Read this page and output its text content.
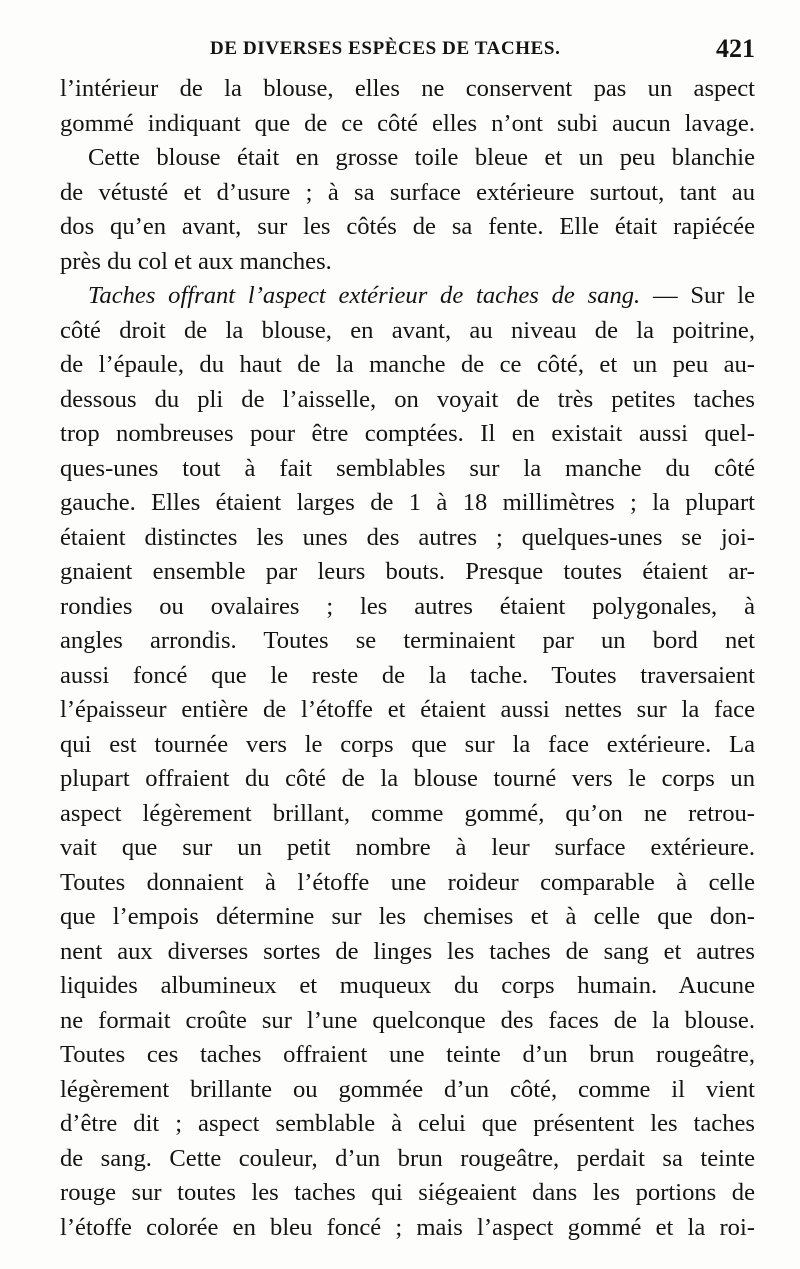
DE DIVERSES ESPÈCES DE TACHES.	421
l’intérieur de la blouse, elles ne conservent pas un aspect
gommé indiquant que de ce côté elles n’ont subi aucun lavage.
Cette blouse était en grosse toile bleue et un peu blanchie
de vétusté et d’usure ; à sa surface extérieure surtout, tant au
dos qu’en avant, sur les côtés de sa fente. Elle était rapiécée
près du col et aux manches.
Taches offrant l’aspect extérieur de taches de sang. — Sur le
côté droit de la blouse, en avant, au niveau de la poitrine,
de l’épaule, du haut de la manche de ce côté, et un peu au-
dessous du pli de l’aisselle, on voyait de très petites taches
trop nombreuses pour être comptées. Il en existait aussi quel-
ques-unes tout à fait semblables sur la manche du côté
gauche. Elles étaient larges de 1 à 18 millimètres ; la plupart
étaient distinctes les unes des autres ; quelques-unes se joi-
gnaient ensemble par leurs bouts. Presque toutes étaient ar-
rondies ou ovalaires ; les autres étaient polygonales, à
angles arrondis. Toutes se terminaient par un bord net
aussi foncé que le reste de la tache. Toutes traversaient
l’épaisseur entière de l’étoffe et étaient aussi nettes sur la face
qui est tournée vers le corps que sur la face extérieure. La
plupart offraient du côté de la blouse tourné vers le corps un
aspect légèrement brillant, comme gommé, qu’on ne retrou-
vait que sur un petit nombre à leur surface extérieure.
Toutes donnaient à l’étoffe une roideur comparable à celle
que l’empois détermine sur les chemises et à celle que don-
nent aux diverses sortes de linges les taches de sang et autres
liquides albumineux et muqueux du corps humain. Aucune
ne formait croûte sur l’une quelconque des faces de la blouse.
Toutes ces taches offraient une teinte d’un brun rougeâtre,
légèrement brillante ou gommée d’un côté, comme il vient
d’être dit ; aspect semblable à celui que présentent les taches
de sang. Cette couleur, d’un brun rougeâtre, perdait sa teinte
rouge sur toutes les taches qui siégeaient dans les portions de
l’étoffe colorée en bleu foncé ; mais l’aspect gommé et la roi-
